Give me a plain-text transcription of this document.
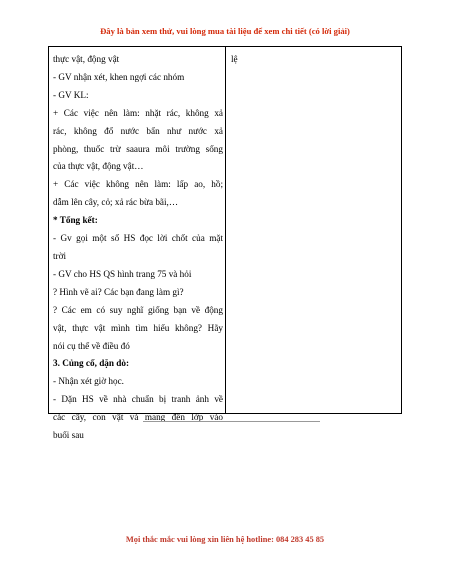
Đây là bản xem thử, vui lòng mua tài liệu để xem chi tiết (có lời giải)
thực vật, động vật
- GV nhận xét, khen ngợi các nhóm
- GV KL:
+ Các việc nên làm: nhặt rác, không xả
rác, không đổ nước bẩn như nước xả
phòng, thuốc trừ saaura môi trường sống
của thực vật, động vật…
+ Các việc không nên làm: lấp ao, hồ;
dẫm lên cây, cỏ; xả rác bừa bãi,…
* Tổng kết:
- Gv gọi một số HS đọc lời chốt của mặt
trời
- GV cho HS QS hình trang 75 và hỏi
? Hình vẽ ai? Các bạn đang làm gì?
? Các em có suy nghĩ giống bạn về động
vật, thực vật mình tìm hiểu không? Hãy
nói cụ thể về điều đó
3. Củng cố, dặn dò:
- Nhận xét giờ học.
- Dặn HS về nhà chuẩn bị tranh ảnh về
các cây, con vật và mang đến lớp vào
buổi sau
lệ
Mọi thắc mắc vui lòng xin liên hệ hotline: 084 283 45 85
